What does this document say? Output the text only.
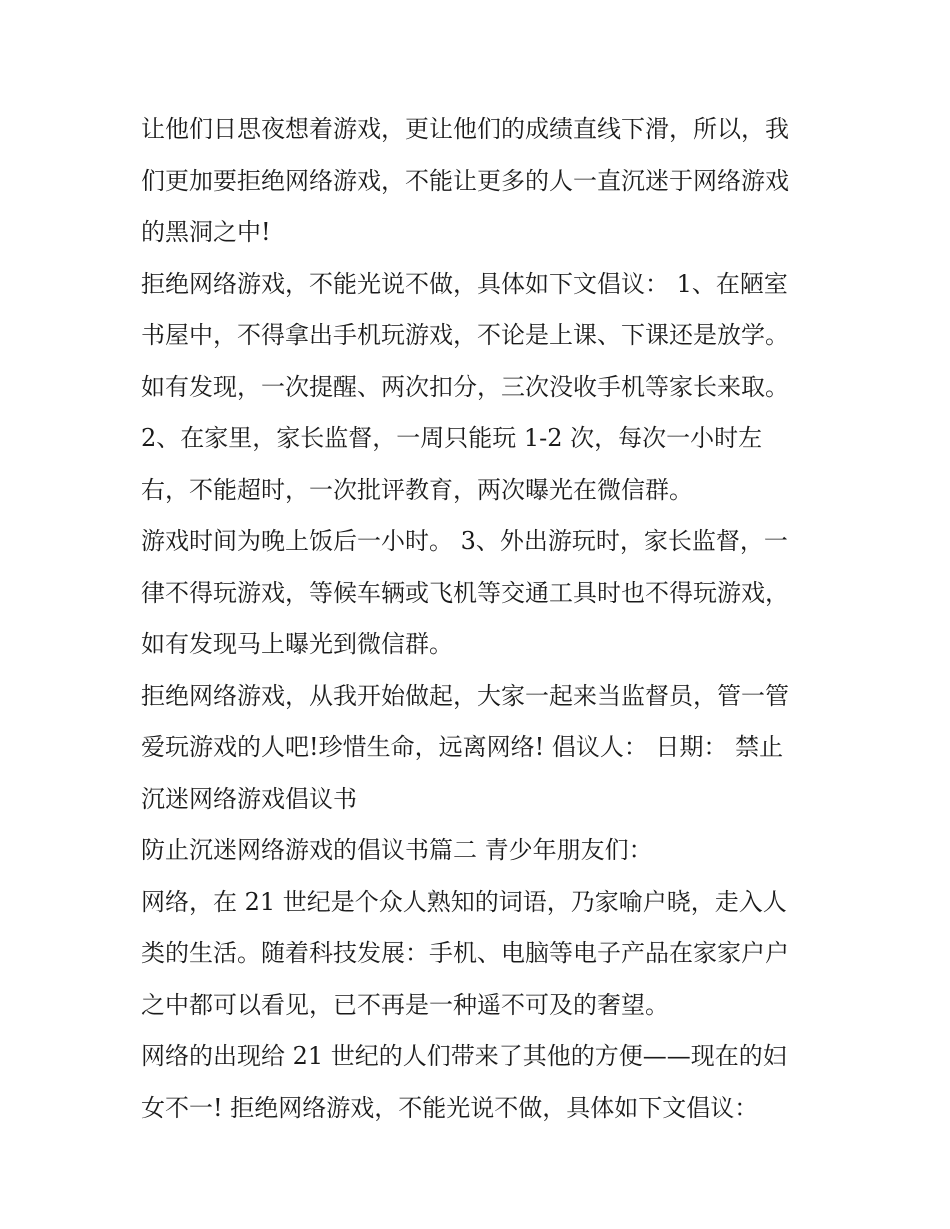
让他们日思夜想着游戏，更让他们的成绩直线下滑，所以，我
们更加要拒绝网络游戏，不能让更多的人一直沉迷于网络游戏
的黑洞之中!
拒绝网络游戏，不能光说不做，具体如下文倡议： 1、在陋室
书屋中，不得拿出手机玩游戏，不论是上课、下课还是放学。
如有发现，一次提醒、两次扣分，三次没收手机等家长来取。
2、在家里，家长监督，一周只能玩 1-2 次，每次一小时左
右，不能超时，一次批评教育，两次曝光在微信群。
游戏时间为晚上饭后一小时。 3、外出游玩时，家长监督，一
律不得玩游戏，等候车辆或飞机等交通工具时也不得玩游戏，
如有发现马上曝光到微信群。
拒绝网络游戏，从我开始做起，大家一起来当监督员，管一管
爱玩游戏的人吧!珍惜生命，远离网络! 倡议人： 日期： 禁止
沉迷网络游戏倡议书
防止沉迷网络游戏的倡议书篇二 青少年朋友们：
网络，在 21 世纪是个众人熟知的词语，乃家喻户晓，走入人
类的生活。随着科技发展：手机、电脑等电子产品在家家户户
之中都可以看见，已不再是一种遥不可及的奢望。
网络的出现给 21 世纪的人们带来了其他的方便——现在的妇
女不一! 拒绝网络游戏，不能光说不做，具体如下文倡议：
